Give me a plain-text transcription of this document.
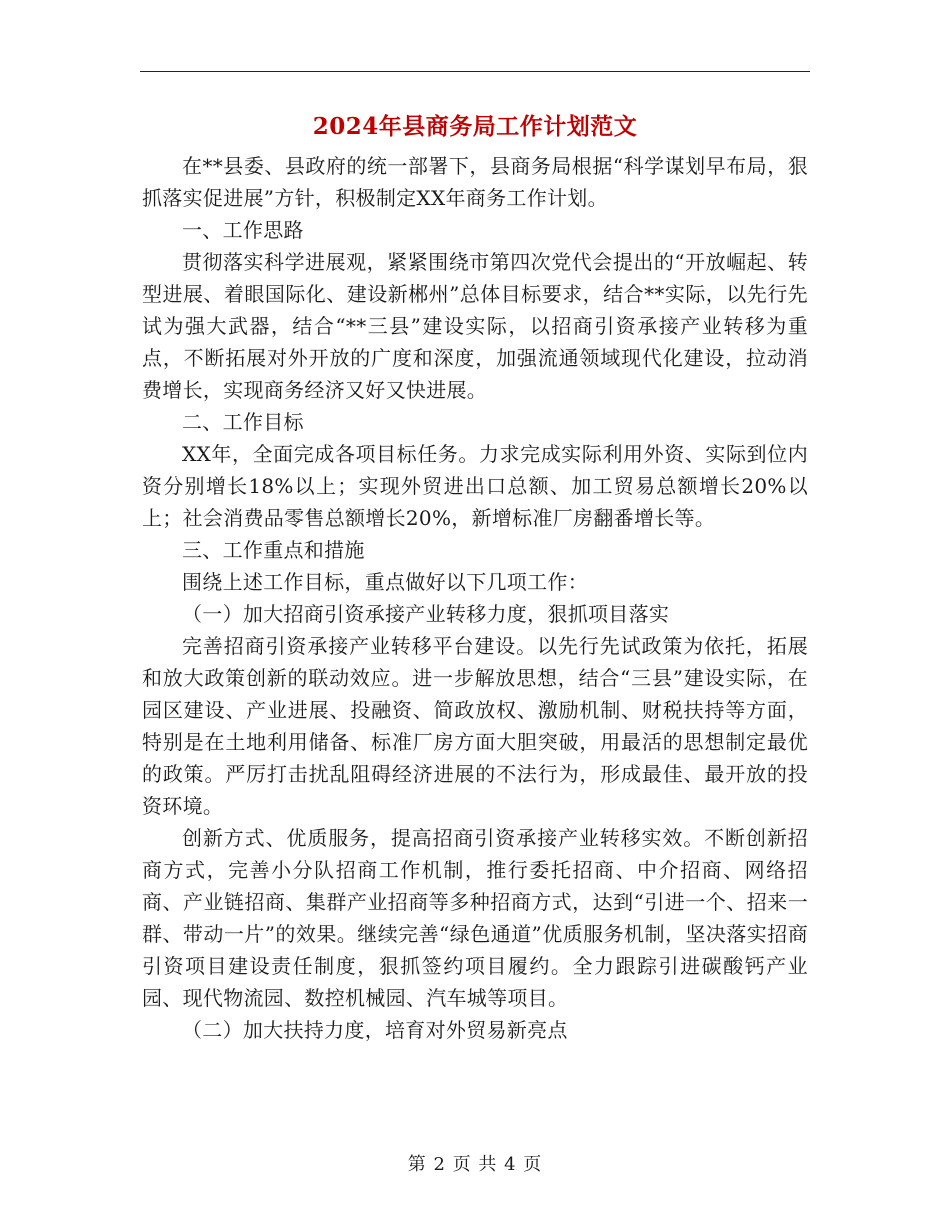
2024年县商务局工作计划范文

在**县委、县政府的统一部署下，县商务局根据“科学谋划早布局，狠抓落实促进展”方针，积极制定XX年商务工作计划。

一、工作思路

贯彻落实科学进展观，紧紧围绕市第四次党代会提出的“开放崛起、转型进展、着眼国际化、建设新郴州”总体目标要求，结合**实际，以先行先试为强大武器，结合“**三县”建设实际，以招商引资承接产业转移为重点，不断拓展对外开放的广度和深度，加强流通领域现代化建设，拉动消费增长，实现商务经济又好又快进展。

二、工作目标

XX年，全面完成各项目标任务。力求完成实际利用外资、实际到位内资分别增长18%以上；实现外贸进出口总额、加工贸易总额增长20%以上；社会消费品零售总额增长20%，新增标准厂房翻番增长等。

三、工作重点和措施

围绕上述工作目标，重点做好以下几项工作：

（一）加大招商引资承接产业转移力度，狠抓项目落实

完善招商引资承接产业转移平台建设。以先行先试政策为依托，拓展和放大政策创新的联动效应。进一步解放思想，结合“三县”建设实际，在园区建设、产业进展、投融资、简政放权、激励机制、财税扶持等方面，特别是在土地利用储备、标准厂房方面大胆突破，用最活的思想制定最优的政策。严厉打击扰乱阻碍经济进展的不法行为，形成最佳、最开放的投资环境。

创新方式、优质服务，提高招商引资承接产业转移实效。不断创新招商方式，完善小分队招商工作机制，推行委托招商、中介招商、网络招商、产业链招商、集群产业招商等多种招商方式，达到“引进一个、招来一群、带动一片”的效果。继续完善“绿色通道”优质服务机制，坚决落实招商引资项目建设责任制度，狠抓签约项目履约。全力跟踪引进碳酸钙产业园、现代物流园、数控机械园、汽车城等项目。

（二）加大扶持力度，培育对外贸易新亮点

第 2 页 共 4 页
